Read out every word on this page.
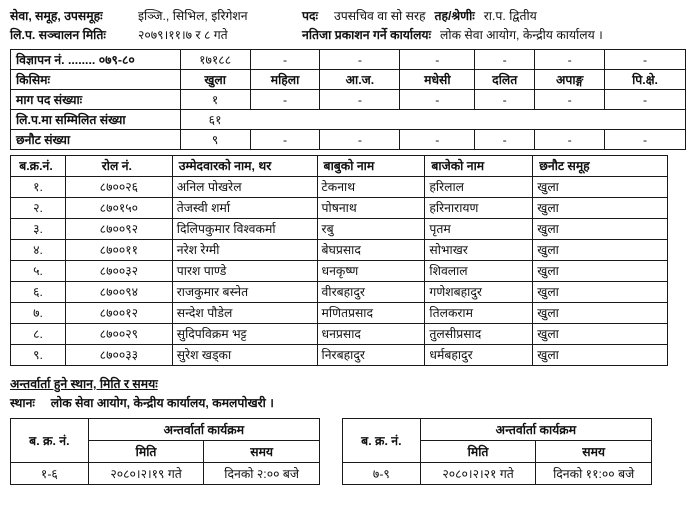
सेवा, समूह, उपसमूहः	इञ्जि., सिभिल, इरिगेशन	पदः उपसचिव वा सो सरह तह/श्रेणीः रा.प. द्वितीय
लि.प. सञ्चालन मितिः	२०७९।११।७ र ८ गते	नतिजा प्रकाशन गर्ने कार्यालयः लोक सेवा आयोग, केन्द्रीय कार्यालय ।
विज्ञापन नं. ........ ०७९-८०	१७१८८	-	-	-	-	-	-
किसिमः	खुला	महिला	आ.ज.	मधेसी	दलित	अपाङ्ग	पि.क्षे.
माग पद संख्याः	१	-	-	-	-	-	-
लि.प.मा सम्मिलित संख्या	६१						
छनौट संख्या	९	-	-	-	-	-	-
ब.क्र.नं.	रोल नं.	उम्मेदवारको नाम, थर	बाबुको नाम	बाजेको नाम	छनौट समूह
१.	८७००२६	अनिल पोखरेल	टेकनाथ	हरिलाल	खुला
२.	८७०१५०	तेजस्वी शर्मा	पोषनाथ	हरिनारायण	खुला
३.	८७००९२	दिलिपकुमार विश्वकर्मा	रबु	पृतम	खुला
४.	८७००११	नरेश रेग्मी	बेघप्रसाद	सोभाखर	खुला
५.	८७००३२	पारश पाण्डे	धनकृष्ण	शिवलाल	खुला
६.	८७००९४	राजकुमार बस्नेत	वीरबहादुर	गणेशबहादुर	खुला
७.	८७००१२	सन्देश पौडेल	मणितप्रसाद	तिलकराम	खुला
८.	८७००२९	सुदिपविक्रम भट्ट	धनप्रसाद	तुलसीप्रसाद	खुला
९.	८७००३३	सुरेश खड्का	निरबहादुर	धर्मबहादुर	खुला
अन्तर्वार्ता हुने स्थान, मिति र समयः
स्थानः लोक सेवा आयोग, केन्द्रीय कार्यालय, कमलपोखरी ।
ब. क्र. नं.	अन्तर्वार्ता कार्यक्रम	
	मिति	समय
१-६	२०८०।२।१९ गते	दिनको २:०० बजे
ब. क्र. नं.	अन्तर्वार्ता कार्यक्रम	
	मिति	समय
७-९	२०८०।२।२१ गते	दिनको ११:०० बजे
